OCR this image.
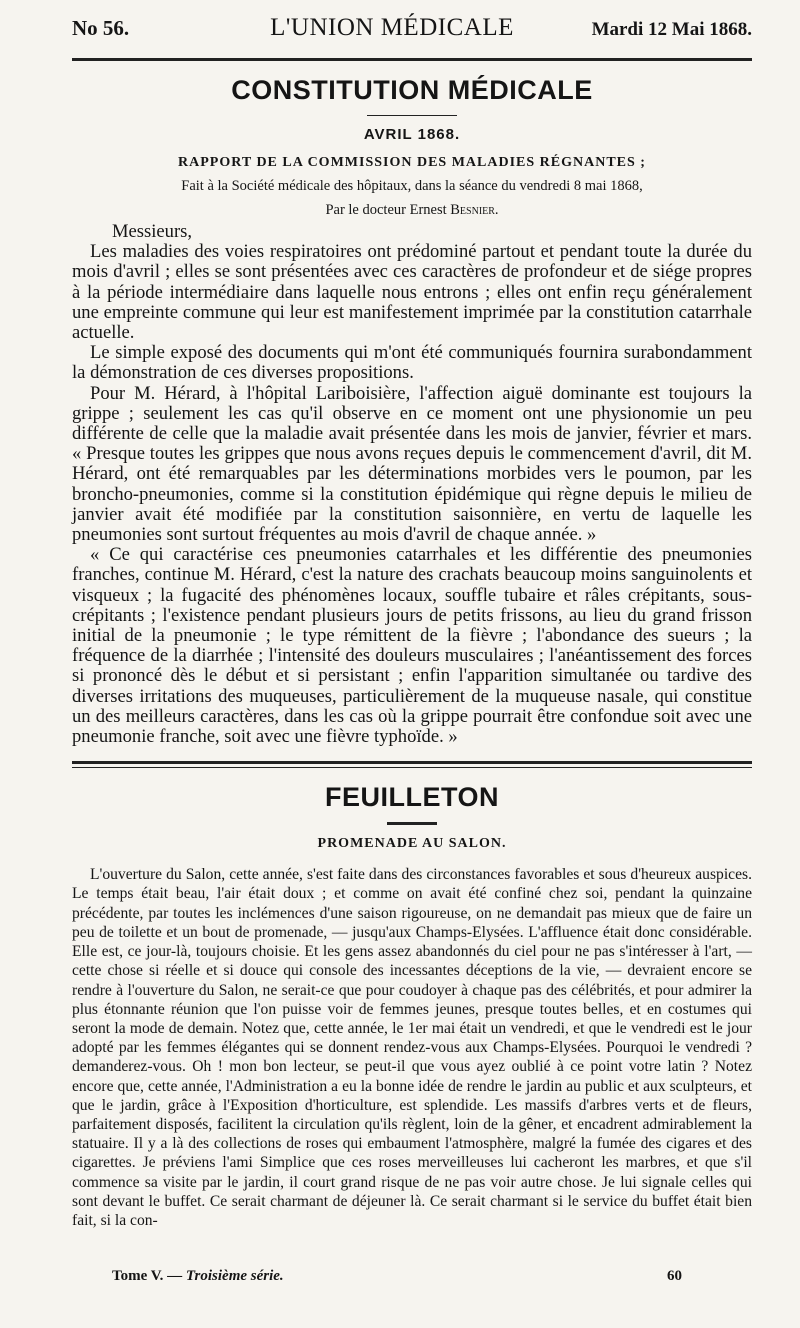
No 56.	L'UNION MÉDICALE	Mardi 12 Mai 1868.
CONSTITUTION MÉDICALE
AVRIL 1868.
RAPPORT DE LA COMMISSION DES MALADIES RÉGNANTES ;
Fait à la Société médicale des hôpitaux, dans la séance du vendredi 8 mai 1868,
Par le docteur Ernest Besnier.

Messieurs,

Les maladies des voies respiratoires ont prédominé partout et pendant toute la durée du mois d'avril ; elles se sont présentées avec ces caractères de profondeur et de siége propres à la période intermédiaire dans laquelle nous entrons ; elles ont enfin reçu généralement une empreinte commune qui leur est manifestement imprimée par la constitution catarrhale actuelle.

Le simple exposé des documents qui m'ont été communiqués fournira surabondamment la démonstration de ces diverses propositions.

Pour M. Hérard, à l'hôpital Lariboisière, l'affection aiguë dominante est toujours la grippe ; seulement les cas qu'il observe en ce moment ont une physionomie un peu différente de celle que la maladie avait présentée dans les mois de janvier, février et mars. « Presque toutes les grippes que nous avons reçues depuis le commencement d'avril, dit M. Hérard, ont été remarquables par les déterminations morbides vers le poumon, par les broncho-pneumonies, comme si la constitution épidémique qui règne depuis le milieu de janvier avait été modifiée par la constitution saisonnière, en vertu de laquelle les pneumonies sont surtout fréquentes au mois d'avril de chaque année. »

« Ce qui caractérise ces pneumonies catarrhales et les différentie des pneumonies franches, continue M. Hérard, c'est la nature des crachats beaucoup moins sanguinolents et visqueux ; la fugacité des phénomènes locaux, souffle tubaire et râles crépitants, sous-crépitants ; l'existence pendant plusieurs jours de petits frissons, au lieu du grand frisson initial de la pneumonie ; le type rémittent de la fièvre ; l'abondance des sueurs ; la fréquence de la diarrhée ; l'intensité des douleurs musculaires ; l'anéantissement des forces si prononcé dès le début et si persistant ; enfin l'apparition simultanée ou tardive des diverses irritations des muqueuses, particulièrement de la muqueuse nasale, qui constitue un des meilleurs caractères, dans les cas où la grippe pourrait être confondue soit avec une pneumonie franche, soit avec une fièvre typhoïde. »

FEUILLETON
PROMENADE AU SALON.

L'ouverture du Salon, cette année, s'est faite dans des circonstances favorables et sous d'heureux auspices. Le temps était beau, l'air était doux ; et comme on avait été confiné chez soi, pendant la quinzaine précédente, par toutes les inclémences d'une saison rigoureuse, on ne demandait pas mieux que de faire un peu de toilette et un bout de promenade, — jusqu'aux Champs-Elysées. L'affluence était donc considérable. Elle est, ce jour-là, toujours choisie. Et les gens assez abandonnés du ciel pour ne pas s'intéresser à l'art, — cette chose si réelle et si douce qui console des incessantes déceptions de la vie, — devraient encore se rendre à l'ouverture du Salon, ne serait-ce que pour coudoyer à chaque pas des célébrités, et pour admirer la plus étonnante réunion que l'on puisse voir de femmes jeunes, presque toutes belles, et en costumes qui seront la mode de demain. Notez que, cette année, le 1er mai était un vendredi, et que le vendredi est le jour adopté par les femmes élégantes qui se donnent rendez-vous aux Champs-Elysées. Pourquoi le vendredi ? demanderez-vous. Oh ! mon bon lecteur, se peut-il que vous ayez oublié à ce point votre latin ? Notez encore que, cette année, l'Administration a eu la bonne idée de rendre le jardin au public et aux sculpteurs, et que le jardin, grâce à l'Exposition d'horticulture, est splendide. Les massifs d'arbres verts et de fleurs, parfaitement disposés, facilitent la circulation qu'ils règlent, loin de la gêner, et encadrent admirablement la statuaire. Il y a là des collections de roses qui embaument l'atmosphère, malgré la fumée des cigares et des cigarettes. Je préviens l'ami Simplice que ces roses merveilleuses lui cacheront les marbres, et que s'il commence sa visite par le jardin, il court grand risque de ne pas voir autre chose. Je lui signale celles qui sont devant le buffet. Ce serait charmant de déjeuner là. Ce serait charmant si le service du buffet était bien fait, si la con-

Tome V. — Troisième série.	60
